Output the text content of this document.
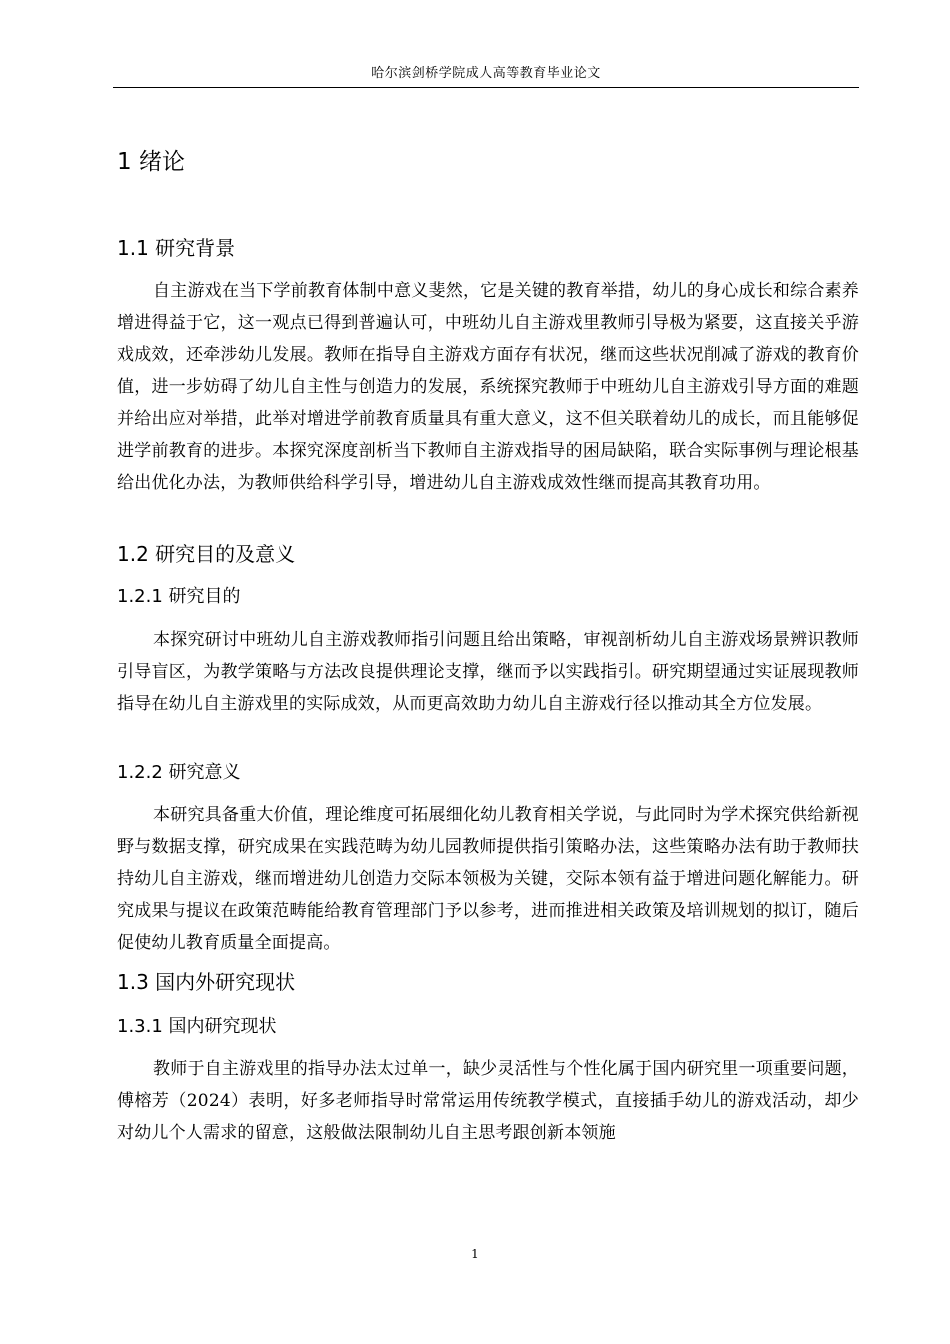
哈尔滨剑桥学院成人高等教育毕业论文
1 绪论
1.1 研究背景

自主游戏在当下学前教育体制中意义斐然，它是关键的教育举措，幼儿的身心成长和综合素养增进得益于它，这一观点已得到普遍认可，中班幼儿自主游戏里教师引导极为紧要，这直接关乎游戏成效，还牵涉幼儿发展。教师在指导自主游戏方面存有状况，继而这些状况削减了游戏的教育价值，进一步妨碍了幼儿自主性与创造力的发展，系统探究教师于中班幼儿自主游戏引导方面的难题并给出应对举措，此举对增进学前教育质量具有重大意义，这不但关联着幼儿的成长，而且能够促进学前教育的进步。本探究深度剖析当下教师自主游戏指导的困局缺陷，联合实际事例与理论根基给出优化办法，为教师供给科学引导，增进幼儿自主游戏成效性继而提高其教育功用。

1.2 研究目的及意义
1.2.1 研究目的

本探究研讨中班幼儿自主游戏教师指引问题且给出策略，审视剖析幼儿自主游戏场景辨识教师引导盲区，为教学策略与方法改良提供理论支撑，继而予以实践指引。研究期望通过实证展现教师指导在幼儿自主游戏里的实际成效，从而更高效助力幼儿自主游戏行径以推动其全方位发展。

1.2.2 研究意义

本研究具备重大价值，理论维度可拓展细化幼儿教育相关学说，与此同时为学术探究供给新视野与数据支撑，研究成果在实践范畴为幼儿园教师提供指引策略办法，这些策略办法有助于教师扶持幼儿自主游戏，继而增进幼儿创造力交际本领极为关键，交际本领有益于增进问题化解能力。研究成果与提议在政策范畴能给教育管理部门予以参考，进而推进相关政策及培训规划的拟订，随后促使幼儿教育质量全面提高。

1.3 国内外研究现状
1.3.1 国内研究现状

教师于自主游戏里的指导办法太过单一，缺少灵活性与个性化属于国内研究里一项重要问题，傅榕芳（2024）表明，好多老师指导时常常运用传统教学模式，直接插手幼儿的游戏活动，却少对幼儿个人需求的留意，这般做法限制幼儿自主思考跟创新本领施

1
